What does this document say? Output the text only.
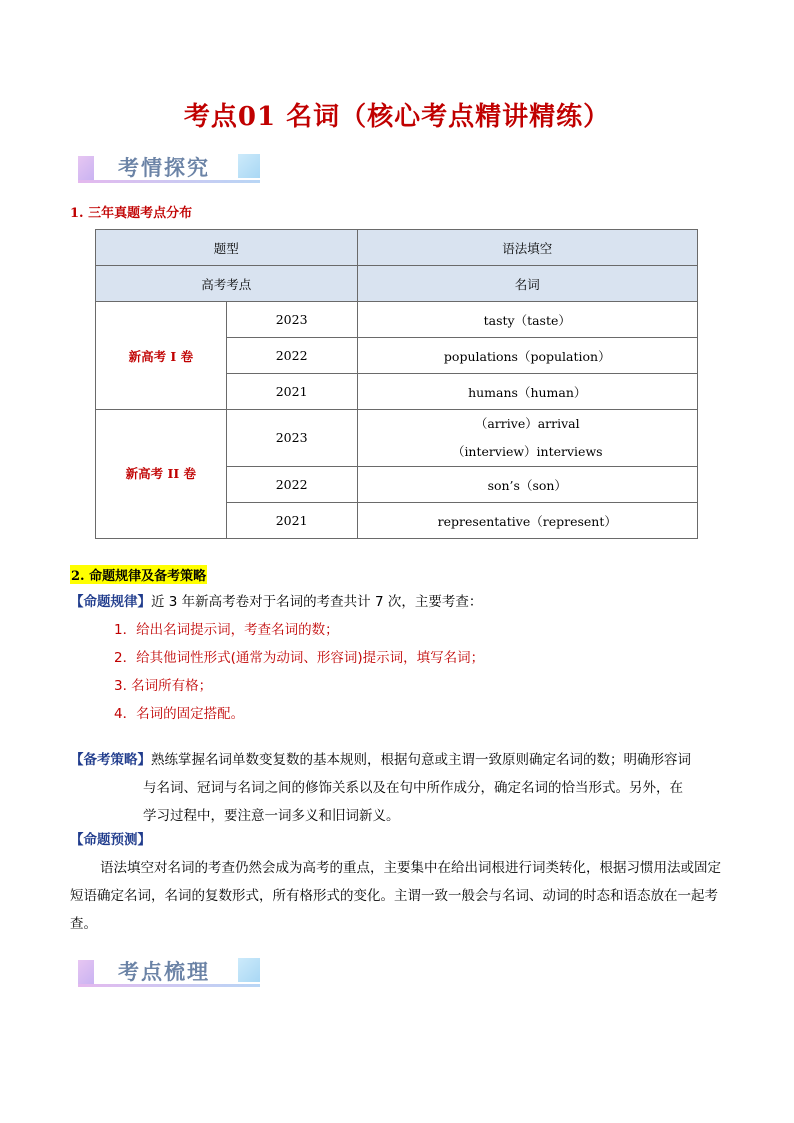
考点01 名词（核心考点精讲精练）
考情探究
1. 三年真题考点分布
题型		语法填空
高考考点		名词
新高考 I 卷	2023	tasty（taste）
	2022	populations（population）
	2021	humans（human）
新高考 II 卷	2023	（arrive）arrival
（interview）interviews

	2022	son’s（son）
	2021	representative（represent）
2. 命题规律及备考策略
【命题规律】近 3 年新高考卷对于名词的考查共计 7 次，主要考查：
1．给出名词提示词，考查名词的数；
2．给其他词性形式(通常为动词、形容词)提示词，填写名词；
3. 名词所有格；
4．名词的固定搭配。
【备考策略】熟练掌握名词单数变复数的基本规则，根据句意或主谓一致原则确定名词的数；明确形容词
与名词、冠词与名词之间的修饰关系以及在句中所作成分，确定名词的恰当形式。另外，在
学习过程中，要注意一词多义和旧词新义。
【命题预测】
语法填空对名词的考查仍然会成为高考的重点，主要集中在给出词根进行词类转化，根据习惯用法或固定短语确定名词，名词的复数形式，所有格形式的变化。主谓一致一般会与名词、动词的时态和语态放在一起考查。
考点梳理
